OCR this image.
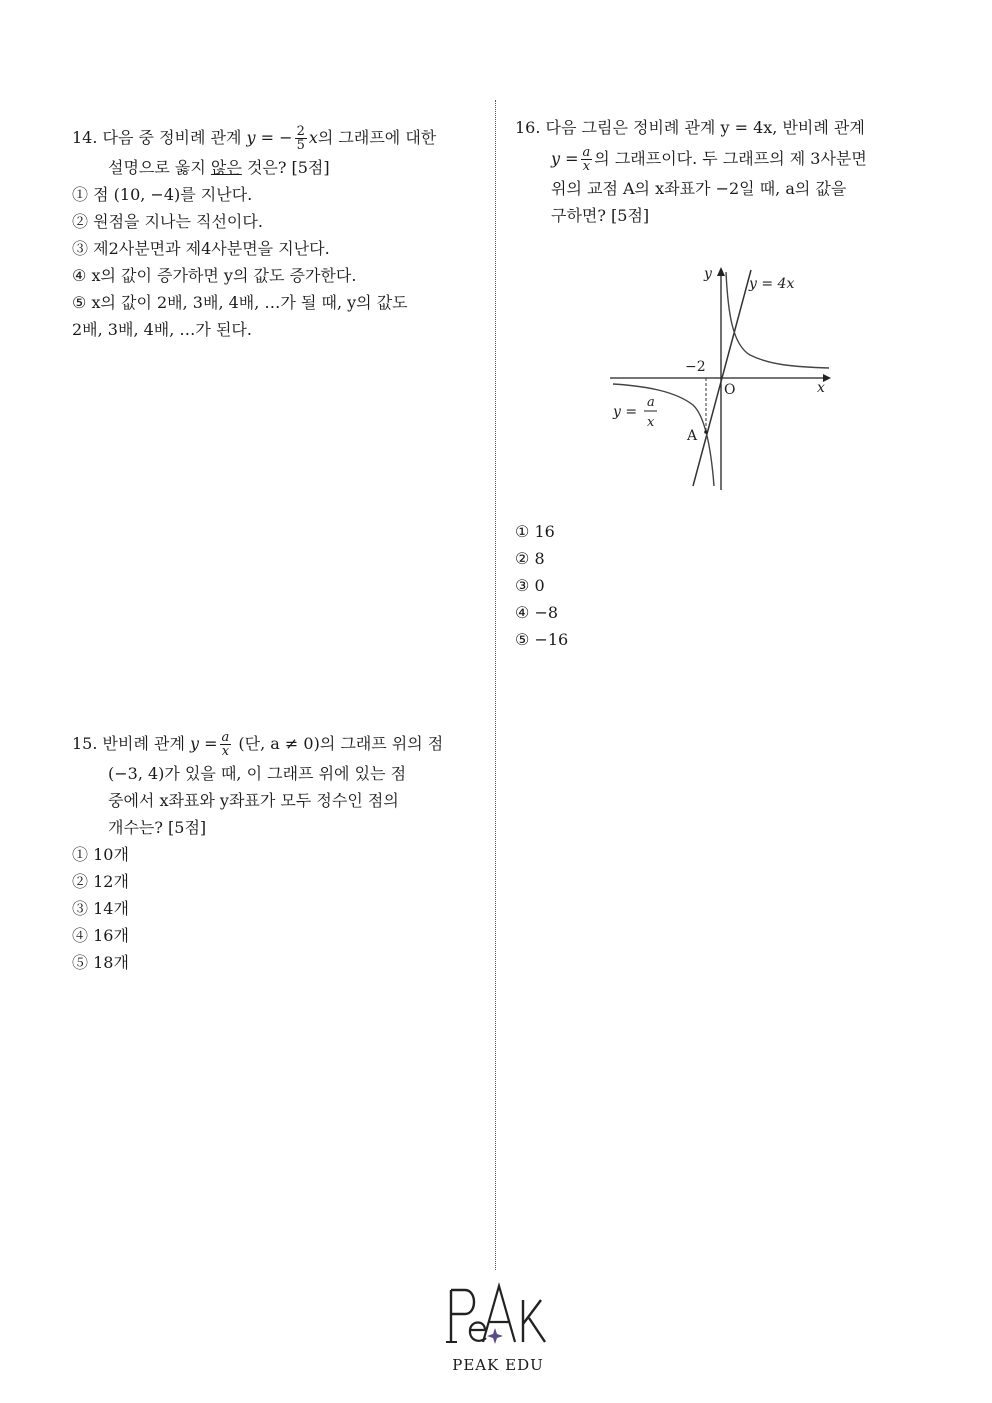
14. 다음 중 정비례 관계 y = − $\frac{2}{5}$ x의 그래프에 대한
설명으로 옳지 않은 것은? [5점]
① 점 (10, −4)를 지난다.
② 원점을 지나는 직선이다.
③ 제2사분면과 제4사분면을 지난다.
④ x의 값이 증가하면 y의 값도 증가한다.
⑤ x의 값이 2배, 3배, 4배, …가 될 때, y의 값도
2배, 3배, 4배, …가 된다.
15. 반비례 관계 $y = \frac{a}{x}$ (단, a ≠ 0)의 그래프 위의 점
(−3, 4)가 있을 때, 이 그래프 위에 있는 점
중에서 x좌표와 y좌표가 모두 정수인 점의
개수는? [5점]
① 10개
② 12개
③ 14개
④ 16개
⑤ 18개
16. 다음 그림은 정비례 관계 y = 4x, 반비례 관계
$y = \frac{a}{x}$ 의 그래프이다. 두 그래프의 제 3사분면
위의 교점 A의 x좌표가 −2일 때, a의 값을
구하면? [5점]
y
x
O
y = 4x
−2
A
y =
a
x
① 16
② 8
③ 0
④ −8
⑤ −16
PEAK EDU
